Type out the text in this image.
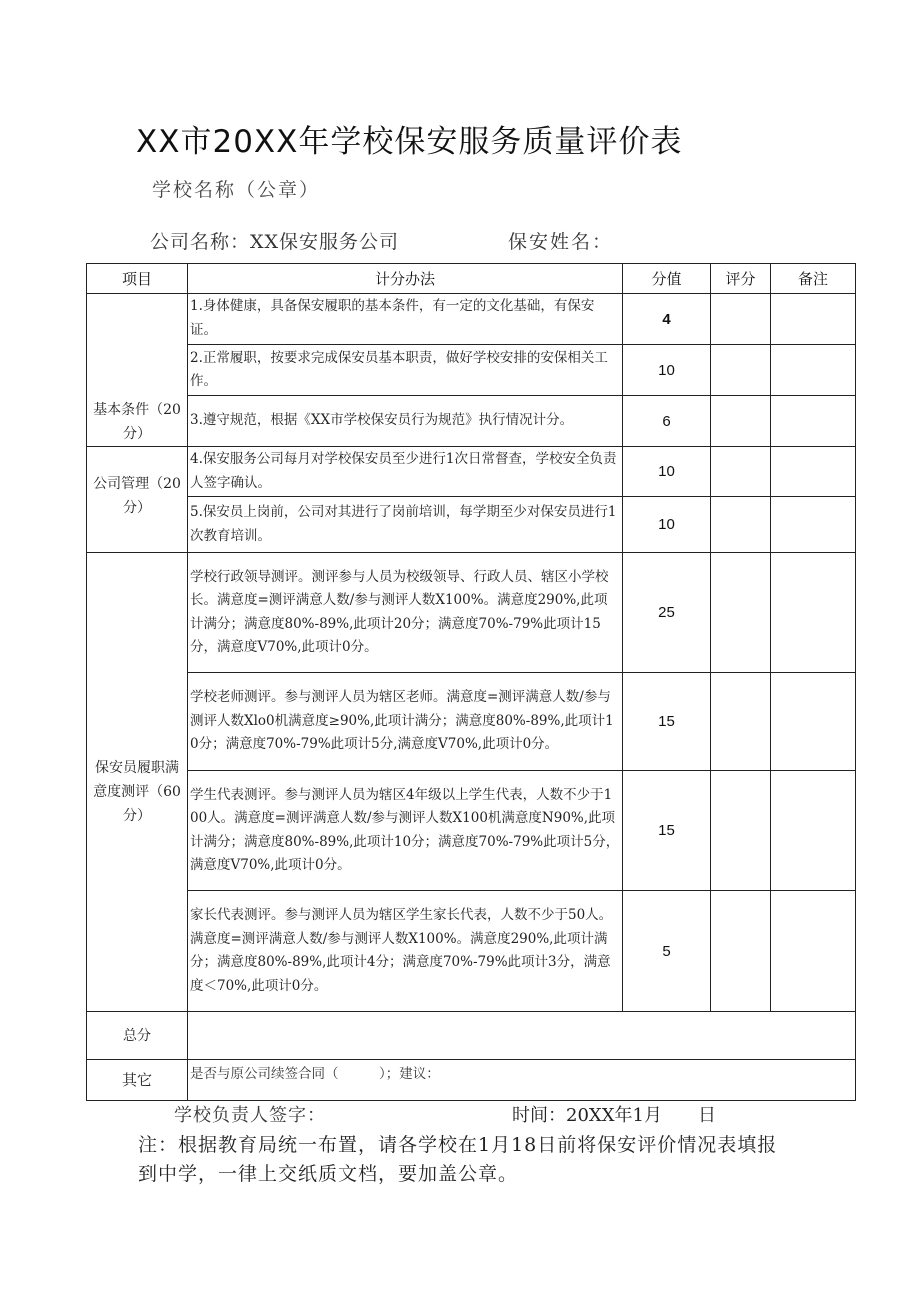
XX市20XX年学校保安服务质量评价表
学校名称（公章）
公司名称：XX保安服务公司	保安姓名：
项目	计分办法	分值	评分	备注

基本条件（20分）	1.身体健康，具备保安履职的基本条件，有一定的文化基础，有保安证。	4		
	2.正常履职，按要求完成保安员基本职责，做好学校安排的安保相关工作。	10		
	3.遵守规范，根据《XX市学校保安员行为规范》执行情况计分。	6		

公司管理（20分）	4.保安服务公司每月对学校保安员至少进行1次日常督查，学校安全负责人签字确认。	10		
	5.保安员上岗前，公司对其进行了岗前培训，每学期至少对保安员进行1次教育培训。	10		

保安员履职满意度测评（60分）	学校行政领导测评。测评参与人员为校级领导、行政人员、辖区小学校长。满意度=测评满意人数/参与测评人数X100%。满意度290%,此项计满分；满意度80%-89%,此项计20分；满意度70%-79%此项计15分，满意度V70%,此项计0分。	25		
	学校老师测评。参与测评人员为辖区老师。满意度=测评满意人数/参与测评人数Xlo0机满意度≥90%,此项计满分；满意度80%-89%,此项计10分；满意度70%-79%此项计5分,满意度V70%,此项计0分。	15		
	学生代表测评。参与测评人员为辖区4年级以上学生代表，人数不少于100人。满意度=测评满意人数/参与测评人数X100机满意度N90%,此项计满分；满意度80%-89%,此项计10分；满意度70%-79%此项计5分，满意度V70%,此项计0分。	15		
	家长代表测评。参与测评人员为辖区学生家长代表，人数不少于50人。满意度=测评满意人数/参与测评人数X100%。满意度290%,此项计满分；满意度80%-89%,此项计4分；满意度70%-79%此项计3分，满意度＜70%,此项计0分。	5		
总分				
其它	是否与原公司续签合同（　　　）；建议：			
学校负责人签字：	时间：20XX年1月　　日
注：根据教育局统一布置，请各学校在1月18日前将保安评价情况表填报
到中学，一律上交纸质文档，要加盖公章。
